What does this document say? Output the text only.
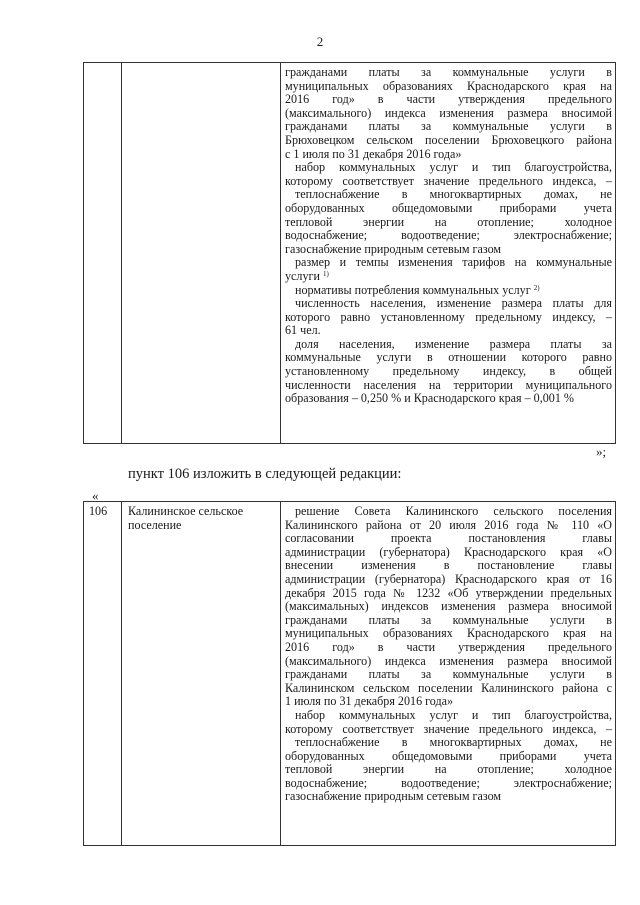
2

гражданами платы за коммунальные услуги в
муниципальных образованиях Краснодарского края на
2016 год» в части утверждения предельного
(максимального) индекса изменения размера вносимой
гражданами платы за коммунальные услуги в
Брюховецком сельском поселении Брюховецкого района
с 1 июля по 31 декабря 2016 года»
набор коммунальных услуг и тип благоустройства,
которому соответствует значение предельного индекса, –
теплоснабжение в многоквартирных домах, не
оборудованных общедомовыми приборами учета
тепловой энергии на отопление; холодное
водоснабжение; водоотведение; электроснабжение;
газоснабжение природным сетевым газом
размер и темпы изменения тарифов на коммунальные
услуги $^{1)}$
нормативы потребления коммунальных услуг $^{2)}$
численность населения, изменение размера платы для
которого равно установленному предельному индексу, –
61 чел.
доля населения, изменение размера платы за
коммунальные услуги в отношении которого равно
установленному предельному индексу, в общей
численности населения на территории муниципального
образования – 0,250 % и Краснодарского края – 0,001 %
»;
пункт 106 изложить в следующей редакции:
«
106	Калининское сельское поселение	
решение Совета Калининского сельского поселения
Калининского района от 20 июля 2016 года № 110 «О
согласовании проекта постановления главы
администрации (губернатора) Краснодарского края «О
внесении изменения в постановление главы
администрации (губернатора) Краснодарского края от 16
декабря 2015 года № 1232 «Об утверждении предельных
(максимальных) индексов изменения размера вносимой
гражданами платы за коммунальные услуги в
муниципальных образованиях Краснодарского края на
2016 год» в части утверждения предельного
(максимального) индекса изменения размера вносимой
гражданами платы за коммунальные услуги в
Калининском сельском поселении Калининского района с
1 июля по 31 декабря 2016 года»
набор коммунальных услуг и тип благоустройства,
которому соответствует значение предельного индекса, –
теплоснабжение в многоквартирных домах, не
оборудованных общедомовыми приборами учета
тепловой энергии на отопление; холодное
водоснабжение; водоотведение; электроснабжение;
газоснабжение природным сетевым газом
